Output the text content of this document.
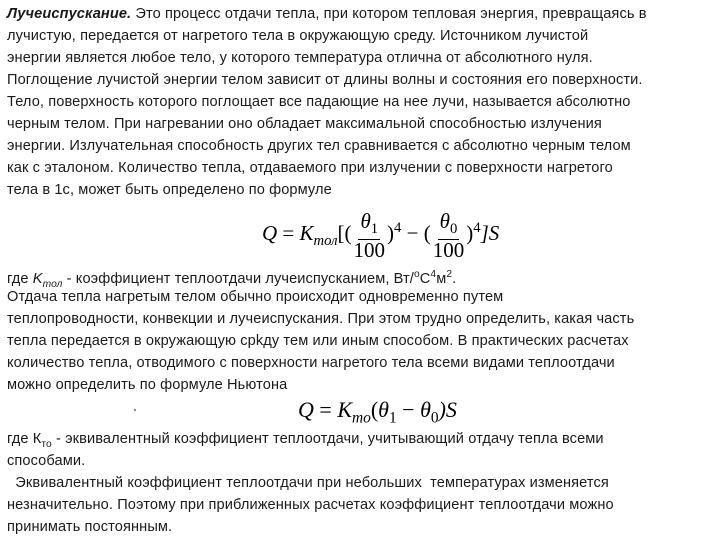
Лучеиспускание. Это процесс отдачи тепла, при котором тепловая энергия, превращаясь в
лучистую, передается от нагретого тела в окружающую среду. Источником лучистой
энергии является любое тело, у которого температура отлична от абсолютного нуля.
Поглощение лучистой энергии телом зависит от длины волны и состояния его поверхности.
Тело, поверхность которого поглощает все падающие на нее лучи, называется абсолютно
черным телом. При нагревании оно обладает максимальной способностью излучения
энергии. Излучательная способность других тел сравнивается с абсолютно черным телом
как с эталоном. Количество тепла, отдаваемого при излучении с поверхности нагретого
тела в 1с, может быть определено по формуле
$Q = K_{тол}[( \frac{\theta_1}{100} )^4$ − ( $\frac{\theta_0}{100} )^4]S$
где $K_{тол}$ - коэффициент теплоотдачи лучеиспусканием, $Вт/^oС^4м^2$.
Отдача тепла нагретым телом обычно происходит одновременно путем
теплопроводности, конвекции и лучеиспускания. При этом трудно определить, какая часть
тепла передается в окружающую срkду тем или иным способом. В практических расчетах
количество тепла, отводимого с поверхности нагретого тела всеми видами теплоотдачи
можно определить по формуле Ньютона
$Q = K_{то}(\theta_1 - \theta_0)S$
где $К_{то}$ - эквивалентный коэффициент теплоотдачи, учитывающий отдачу тепла всеми
способами.
Эквивалентный коэффициент теплоотдачи при небольших  температурах изменяется
незначительно. Поэтому при приближенных расчетах коэффициент теплоотдачи можно
принимать постоянным.
